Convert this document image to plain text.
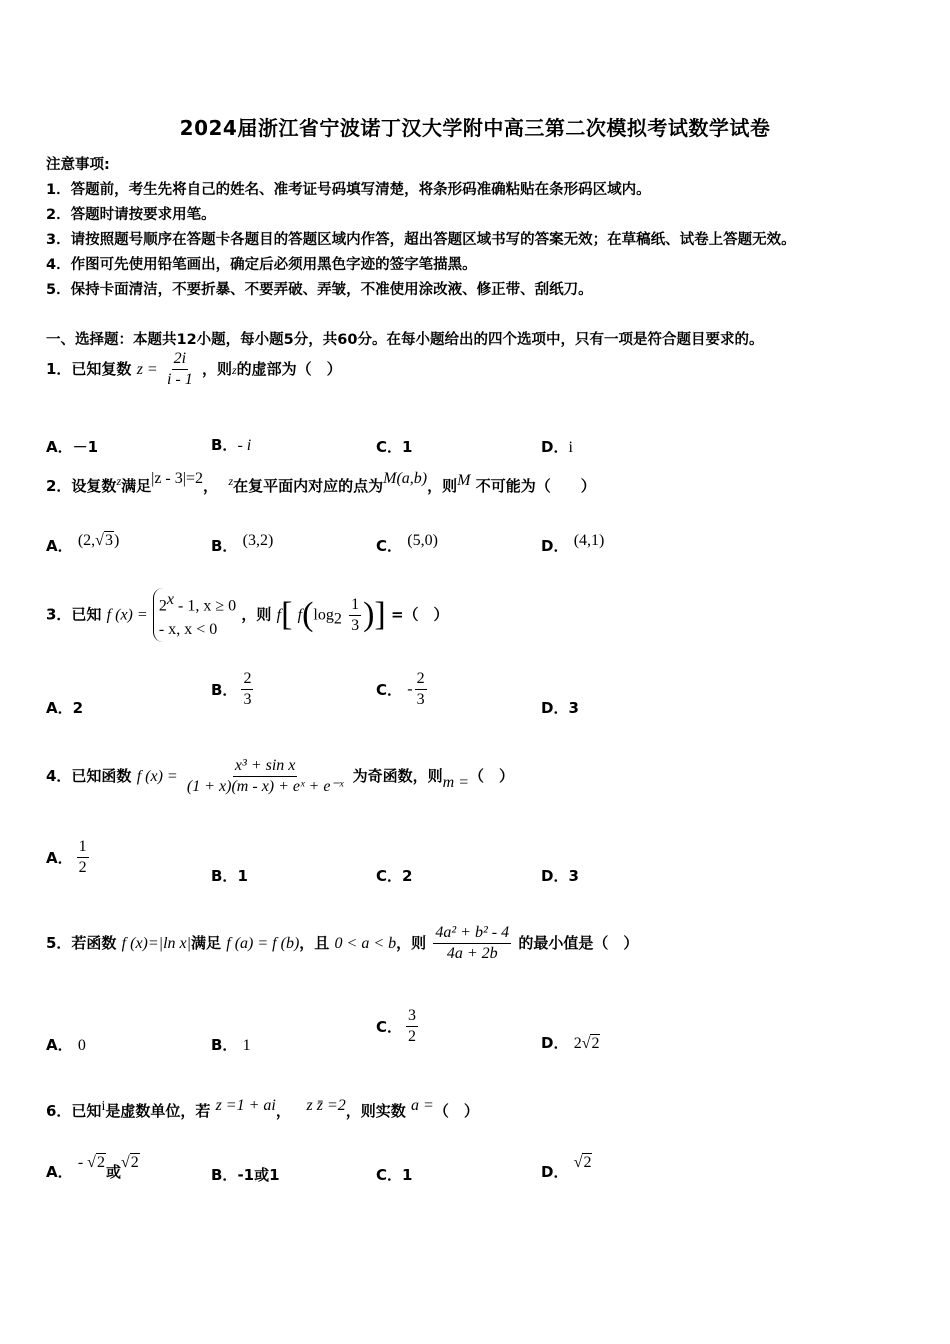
2024届浙江省宁波诺丁汉大学附中高三第二次模拟考试数学试卷
注意事项:
1．答题前，考生先将自己的姓名、准考证号码填写清楚，将条形码准确粘贴在条形码区域内。
2．答题时请按要求用笔。
3．请按照题号顺序在答题卡各题目的答题区域内作答，超出答题区域书写的答案无效；在草稿纸、试卷上答题无效。
4．作图可先使用铅笔画出，确定后必须用黑色字迹的签字笔描黑。
5．保持卡面清洁，不要折暴、不要弄破、弄皱，不准使用涂改液、修正带、刮纸刀。
一、选择题：本题共12小题，每小题5分，共60分。在每小题给出的四个选项中，只有一项是符合题目要求的。
1．已知复数 $z = \frac{2i}{i - 1}$ ，则z的虚部为（　）
A．－1	B．- i	C．1	D．i
2．设复数$^z$满足|z - 3|=2， $^z$在复平面内对应的点为M(a,b)，则M 不可能为（　　）
A． (2,√3)	B． (3,2)	C． (5,0)	D． (4,1)
3．已知 f $(x) = 2^x - 1$, x ≥ 0
- x, x < 0 ，则 f[ $f(\log_2 \frac{1}{3}$ )] =（　）
A．2
B． $\frac{2}{3}$	C． - $\frac{2}{3}$	D．3
4．已知函数 f $(x) = \frac{\text{x³ + sin x}}{\text{(1 + x)(m - x) + eˣ + e⁻ˣ}}$ 为奇函数，则m =（　）
A． $\frac{1}{2}$	B．1	C．2	D．3
5．若函数 f (x)=|ln x|满足 f (a) = f (b)，且 0 < a < b，则 $\frac{\text{4a² + b² - 4}}{4a + 2b}$ 的最小值是（　）
A． 0	B． 1
C． $\frac{3}{2}$	D． 2√2
6．已知i是虚数单位，若 z =1 + ai， z z̄ =2，则实数 a =（　）
A． - √2或√2
B．-1或1	C．1	D． √2
